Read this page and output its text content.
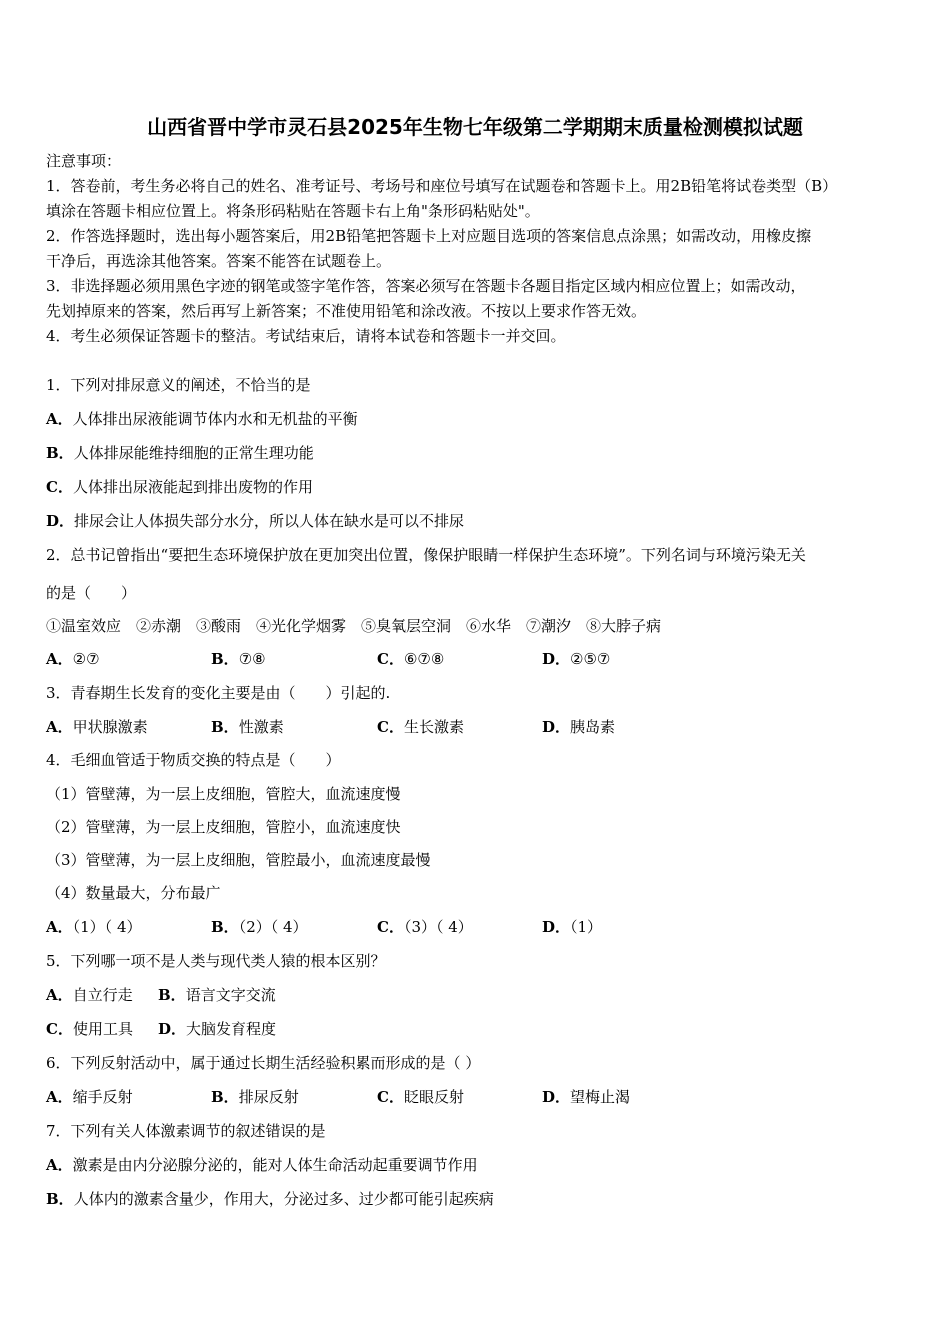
山西省晋中学市灵石县2025年生物七年级第二学期期末质量检测模拟试题
注意事项：
1．答卷前，考生务必将自己的姓名、准考证号、考场号和座位号填写在试题卷和答题卡上。用2B铅笔将试卷类型（B）
填涂在答题卡相应位置上。将条形码粘贴在答题卡右上角"条形码粘贴处"。
2．作答选择题时，选出每小题答案后，用2B铅笔把答题卡上对应题目选项的答案信息点涂黑；如需改动，用橡皮擦
干净后，再选涂其他答案。答案不能答在试题卷上。
3．非选择题必须用黑色字迹的钢笔或签字笔作答，答案必须写在答题卡各题目指定区域内相应位置上；如需改动，
先划掉原来的答案，然后再写上新答案；不准使用铅笔和涂改液。不按以上要求作答无效。
4．考生必须保证答题卡的整洁。考试结束后，请将本试卷和答题卡一并交回。
1．下列对排尿意义的阐述，不恰当的是
A．人体排出尿液能调节体内水和无机盐的平衡
B．人体排尿能维持细胞的正常生理功能
C．人体排出尿液能起到排出废物的作用
D．排尿会让人体损失部分水分，所以人体在缺水是可以不排尿
2．总书记曾指出“要把生态环境保护放在更加突出位置，像保护眼睛一样保护生态环境”。下列名词与环境污染无关
的是（　　）
①温室效应　②赤潮　③酸雨　④光化学烟雾　⑤臭氧层空洞　⑥水华　⑦潮汐　⑧大脖子病
A．②⑦	B．⑦⑧	C．⑥⑦⑧	D．②⑤⑦
3．青春期生长发育的变化主要是由（　　）引起的.
A．甲状腺激素	B．性激素	C．生长激素	D．胰岛素
4．毛细血管适于物质交换的特点是（　　）
（1）管壁薄，为一层上皮细胞，管腔大，血流速度慢
（2）管壁薄，为一层上皮细胞，管腔小，血流速度快
（3）管壁薄，为一层上皮细胞，管腔最小，血流速度最慢
（4）数量最大，分布最广
A．（1）（ 4）	B．（2）（ 4）	C．（3）（ 4）	D．（1）
5．下列哪一项不是人类与现代类人猿的根本区别？
A．自立行走 B．语言文字交流
C．使用工具 D．大脑发育程度
6．下列反射活动中，属于通过长期生活经验积累而形成的是（ ）
A．缩手反射	B．排尿反射	C．眨眼反射	D．望梅止渴
7．下列有关人体激素调节的叙述错误的是
A．激素是由内分泌腺分泌的，能对人体生命活动起重要调节作用
B．人体内的激素含量少，作用大，分泌过多、过少都可能引起疾病
